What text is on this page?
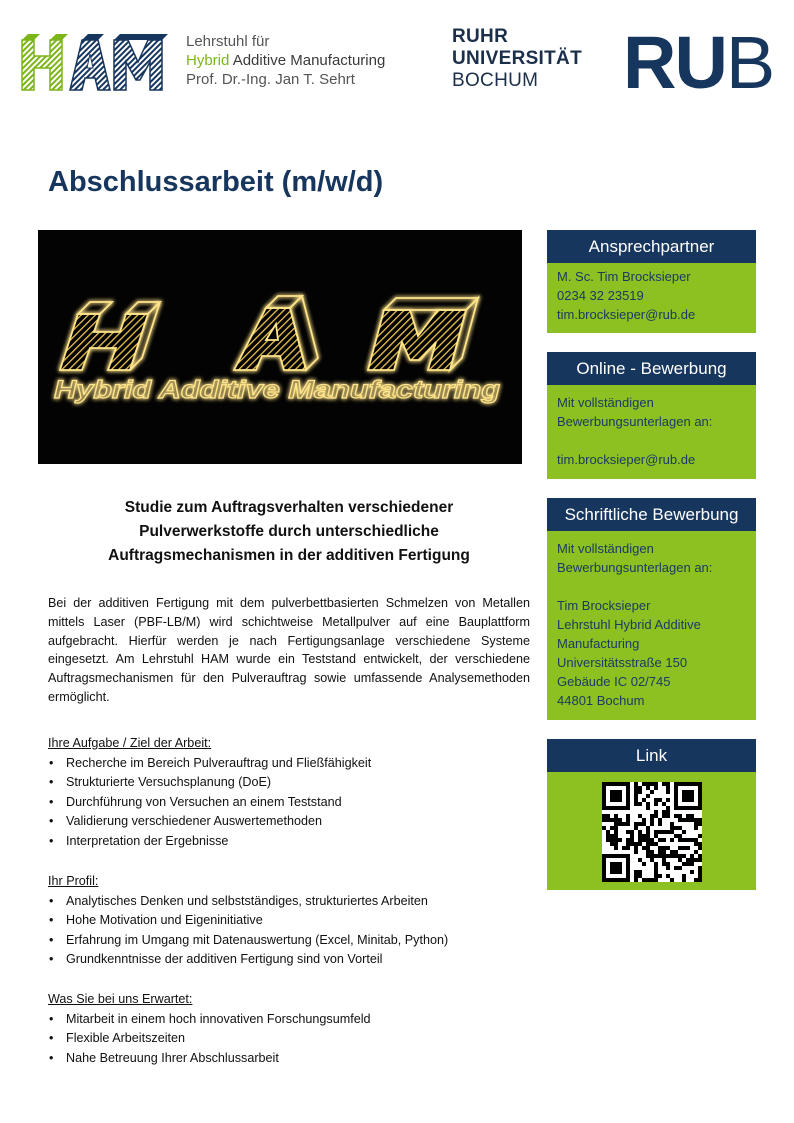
Lehrstuhl für
Hybrid Additive Manufacturing
Prof. Dr.-Ing. Jan T. Sehrt
RUHR
UNIVERSITÄT
BOCHUM	RUB
Abschlussarbeit (m/w/d)
Hybrid Additive Manufacturing
Studie zum Auftragsverhalten verschiedener
Pulverwerkstoffe durch unterschiedliche
Auftragsmechanismen in der additiven Fertigung
Bei der additiven Fertigung mit dem pulverbettbasierten Schmelzen von Metallen mittels Laser (PBF-LB/M) wird schichtweise Metallpulver auf eine Bauplattform aufgebracht. Hierfür werden je nach Fertigungsanlage verschiedene Systeme eingesetzt. Am Lehrstuhl HAM wurde ein Teststand entwickelt, der verschiedene Auftragsmechanismen für den Pulverauftrag sowie umfassende Analysemethoden ermöglicht.
Ihre Aufgabe / Ziel der Arbeit:
• Recherche im Bereich Pulverauftrag und Fließfähigkeit
• Strukturierte Versuchsplanung (DoE)
• Durchführung von Versuchen an einem Teststand
• Validierung verschiedener Auswertemethoden
• Interpretation der Ergebnisse
Ihr Profil:
• Analytisches Denken und selbstständiges, strukturiertes Arbeiten
• Hohe Motivation und Eigeninitiative
• Erfahrung im Umgang mit Datenauswertung (Excel, Minitab, Python)
• Grundkenntnisse der additiven Fertigung sind von Vorteil
Was Sie bei uns Erwartet:
• Mitarbeit in einem hoch innovativen Forschungsumfeld
• Flexible Arbeitszeiten
• Nahe Betreuung Ihrer Abschlussarbeit
Ansprechpartner
M. Sc. Tim Brocksieper
0234 32 23519
tim.brocksieper@rub.de
Online - Bewerbung
Mit vollständigen
Bewerbungsunterlagen an:
tim.brocksieper@rub.de
Schriftliche Bewerbung
Mit vollständigen
Bewerbungsunterlagen an:
Tim Brocksieper
Lehrstuhl Hybrid Additive
Manufacturing
Universitätsstraße 150
Gebäude IC 02/745
44801 Bochum
Link
